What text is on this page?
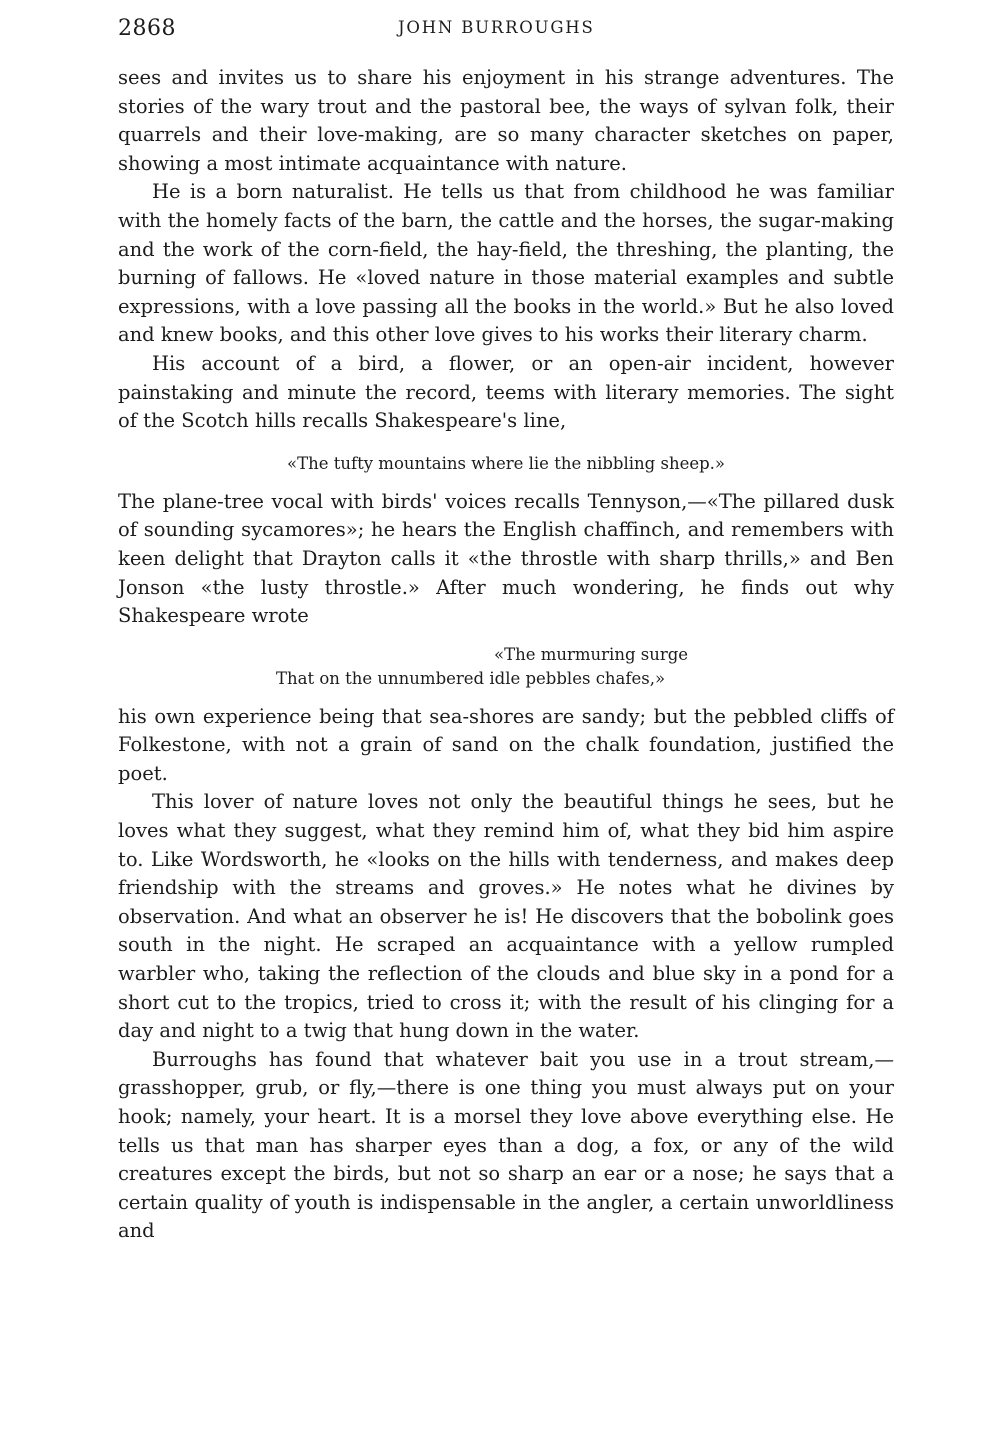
2868	JOHN BURROUGHS

sees and invites us to share his enjoyment in his strange adventures. The stories of the wary trout and the pastoral bee, the ways of sylvan folk, their quarrels and their love-making, are so many character sketches on paper, showing a most intimate acquaintance with nature.

He is a born naturalist. He tells us that from childhood he was familiar with the homely facts of the barn, the cattle and the horses, the sugar-making and the work of the corn-field, the hay-field, the threshing, the planting, the burning of fallows. He «loved nature in those material examples and subtle expressions, with a love passing all the books in the world.» But he also loved and knew books, and this other love gives to his works their literary charm.

His account of a bird, a flower, or an open-air incident, however painstaking and minute the record, teems with literary memories. The sight of the Scotch hills recalls Shakespeare's line,

«The tufty mountains where lie the nibbling sheep.»

The plane-tree vocal with birds' voices recalls Tennyson,—«The pillared dusk of sounding sycamores»; he hears the English chaffinch, and remembers with keen delight that Drayton calls it «the throstle with sharp thrills,» and Ben Jonson «the lusty throstle.» After much wondering, he finds out why Shakespeare wrote

«The murmuring surge
That on the unnumbered idle pebbles chafes,»

his own experience being that sea-shores are sandy; but the pebbled cliffs of Folkestone, with not a grain of sand on the chalk foundation, justified the poet.

This lover of nature loves not only the beautiful things he sees, but he loves what they suggest, what they remind him of, what they bid him aspire to. Like Wordsworth, he «looks on the hills with tenderness, and makes deep friendship with the streams and groves.» He notes what he divines by observation. And what an observer he is! He discovers that the bobolink goes south in the night. He scraped an acquaintance with a yellow rumpled warbler who, taking the reflection of the clouds and blue sky in a pond for a short cut to the tropics, tried to cross it; with the result of his clinging for a day and night to a twig that hung down in the water.

Burroughs has found that whatever bait you use in a trout stream,—grasshopper, grub, or fly,—there is one thing you must always put on your hook; namely, your heart. It is a morsel they love above everything else. He tells us that man has sharper eyes than a dog, a fox, or any of the wild creatures except the birds, but not so sharp an ear or a nose; he says that a certain quality of youth is indispensable in the angler, a certain unworldliness and
